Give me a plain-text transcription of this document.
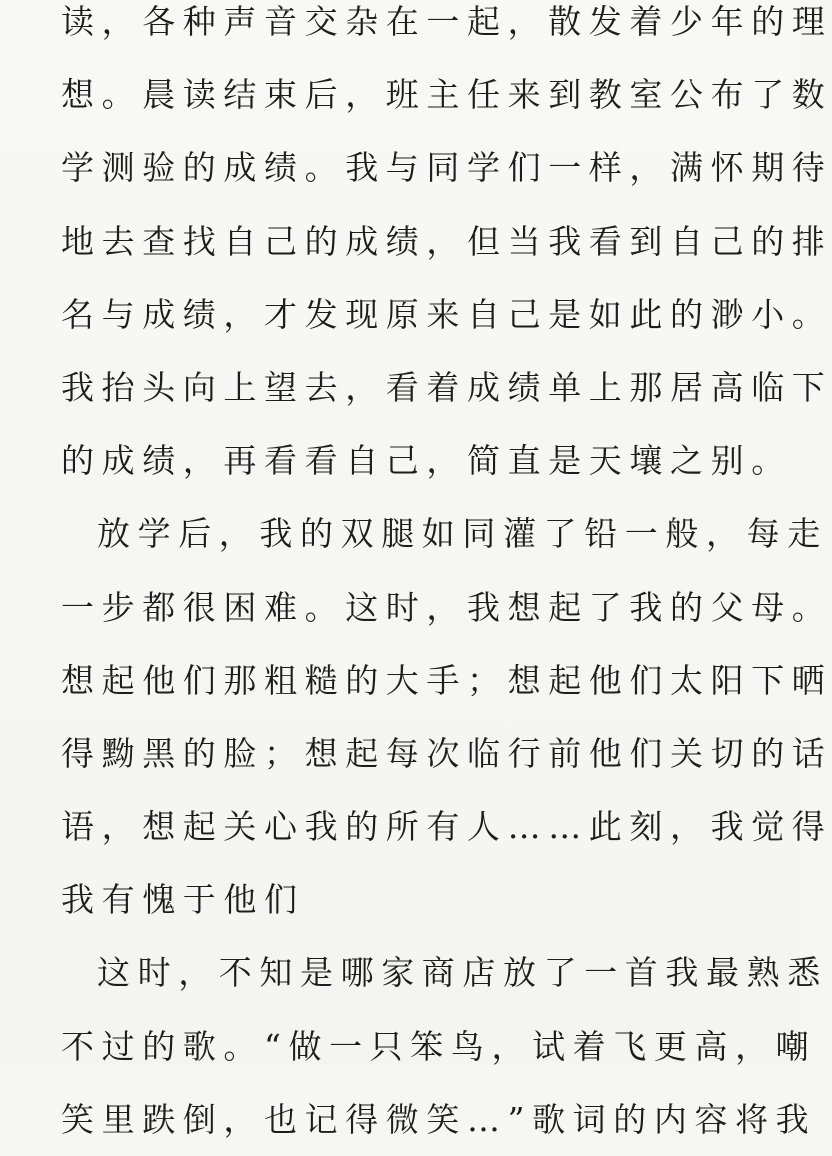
读，各种声音交杂在一起，散发着少年的理
想。晨读结束后，班主任来到教室公布了数
学测验的成绩。我与同学们一样，满怀期待
地去查找自己的成绩，但当我看到自己的排
名与成绩，才发现原来自己是如此的渺小。
我抬头向上望去，看着成绩单上那居高临下
的成绩，再看看自己，简直是天壤之别。
放学后，我的双腿如同灌了铅一般，每走
一步都很困难。这时，我想起了我的父母。
想起他们那粗糙的大手；想起他们太阳下晒
得黝黑的脸；想起每次临行前他们关切的话
语，想起关心我的所有人……此刻，我觉得
我有愧于他们
这时，不知是哪家商店放了一首我最熟悉
不过的歌。“做一只笨鸟，试着飞更高，嘲
笑里跌倒，也记得微笑…”歌词的内容将我
